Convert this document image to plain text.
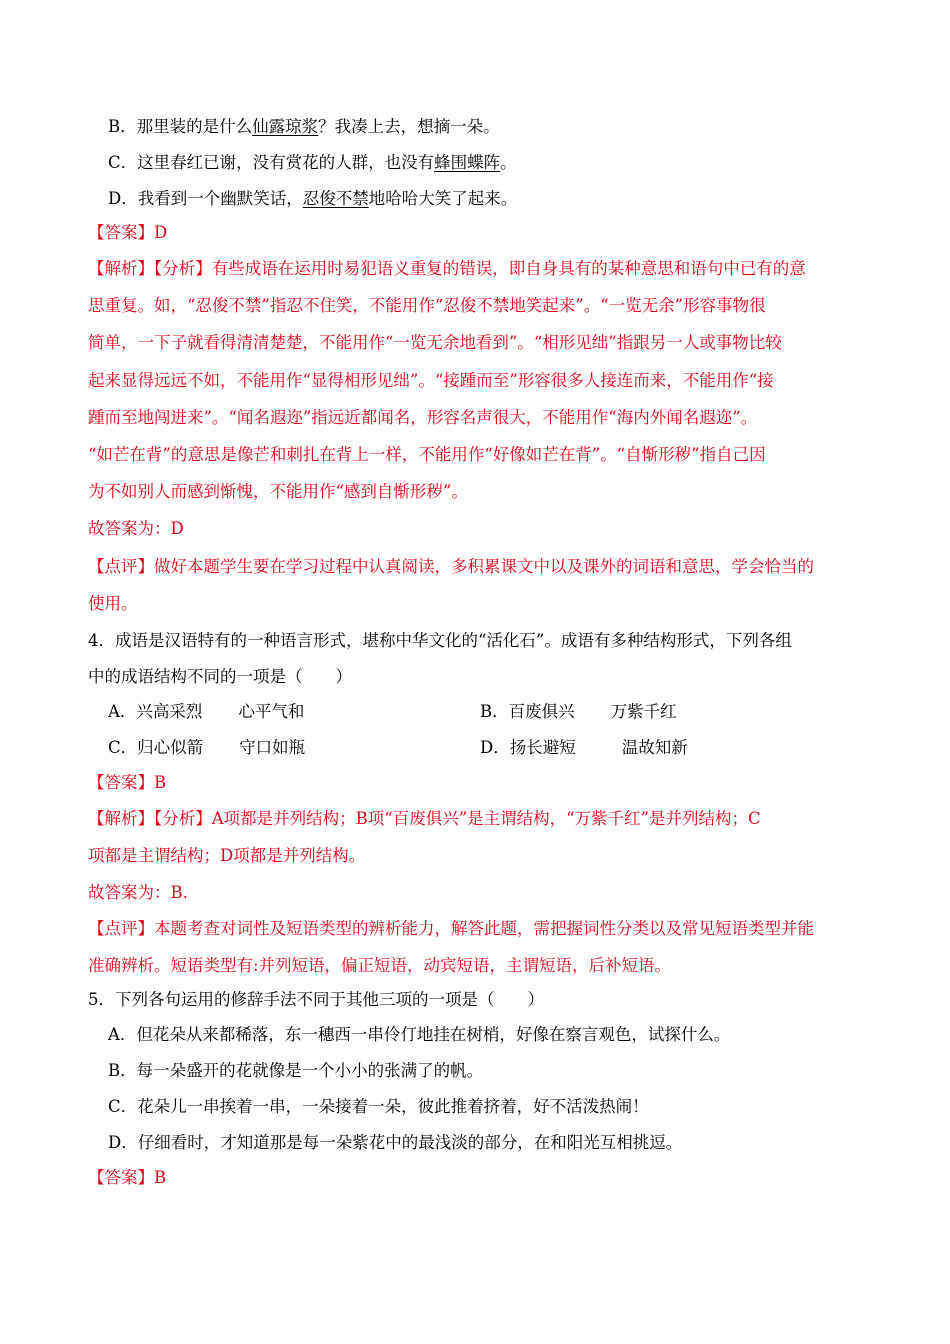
B．那里装的是什么仙露琼浆？我凑上去，想摘一朵。
C．这里春红已谢，没有赏花的人群，也没有蜂围蝶阵。
D．我看到一个幽默笑话，忍俊不禁地哈哈大笑了起来。
【答案】D
【解析】【分析】有些成语在运用时易犯语义重复的错误，即自身具有的某种意思和语句中已有的意
思重复。如，“忍俊不禁”指忍不住笑，不能用作“忍俊不禁地笑起来”。“一览无余”形容事物很
简单，一下子就看得清清楚楚，不能用作“一览无余地看到”。“相形见绌”指跟另一人或事物比较
起来显得远远不如，不能用作“显得相形见绌”。“接踵而至”形容很多人接连而来，不能用作“接
踵而至地闯进来”。“闻名遐迩”指远近都闻名，形容名声很大，不能用作“海内外闻名遐迩”。
“如芒在背”的意思是像芒和刺扎在背上一样，不能用作“好像如芒在背”。“自惭形秽”指自己因
为不如别人而感到惭愧，不能用作“感到自惭形秽”。
故答案为：D
【点评】做好本题学生要在学习过程中认真阅读，多积累课文中以及课外的词语和意思，学会恰当的
使用。
4．成语是汉语特有的一种语言形式，堪称中华文化的“活化石”。成语有多种结构形式，下列各组
中的成语结构不同的一项是（　　）
A．兴高采烈 心平气和	B．百废俱兴 万紫千红
C．归心似箭 守口如瓶	D．扬长避短	温故知新
【答案】B
【解析】【分析】A项都是并列结构；B项“百废俱兴”是主谓结构，“万紫千红”是并列结构；C
项都是主谓结构；D项都是并列结构。
故答案为：B.
【点评】本题考查对词性及短语类型的辨析能力，解答此题，需把握词性分类以及常见短语类型并能
准确辨析。短语类型有:并列短语，偏正短语，动宾短语，主谓短语，后补短语。
5．下列各句运用的修辞手法不同于其他三项的一项是（　　）
A．但花朵从来都稀落，东一穗西一串伶仃地挂在树梢，好像在察言观色，试探什么。
B．每一朵盛开的花就像是一个小小的张满了的帆。
C．花朵儿一串挨着一串，一朵接着一朵，彼此推着挤着，好不活泼热闹！
D．仔细看时，才知道那是每一朵紫花中的最浅淡的部分，在和阳光互相挑逗。
【答案】B
